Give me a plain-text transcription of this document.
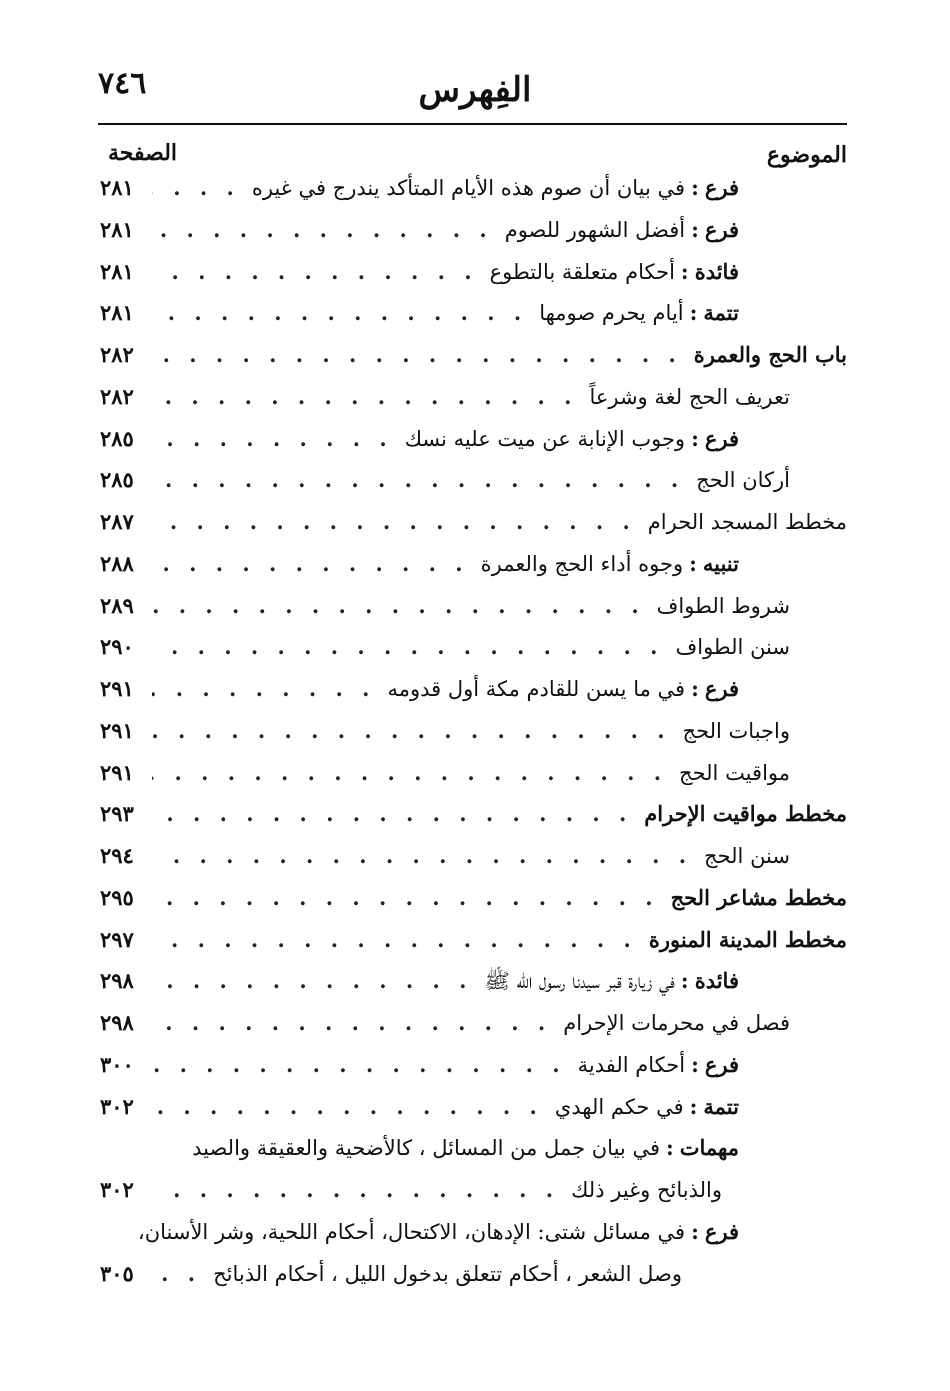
٧٤٦	الفِهرس
الموضوع
الصفحة
فرع
:
في بيان أن صوم هذه الأيام المتأكد يندرج في غيره
. . .
٢٨١
فرع
:
أفضل الشهور للصوم
. . .
٢٨١
فائدة
:
أحكام متعلقة بالتطوع
. . .
٢٨١
تتمة
:
أيام يحرم صومها
. . .
٢٨١
باب الحج والعمرة
. . .
٢٨٢
تعريف الحج لغة وشرعاً
. . .
٢٨٢
فرع
:
وجوب الإنابة عن ميت عليه نسك
. . .
٢٨٥
أركان الحج
. . .
٢٨٥
مخطط المسجد الحرام
. . .
٢٨٧
تنبيه
:
وجوه أداء الحج والعمرة
. . .
٢٨٨
شروط الطواف
. . .
٢٨٩
سنن الطواف
. . .
٢٩٠
فرع
:
في ما يسن للقادم مكة أول قدومه
. . .
٢٩١
واجبات الحج
. . .
٢٩١
مواقيت الحج
. . .
٢٩١
مخطط مواقيت الإحرام
. . .
٢٩٣
سنن الحج
. . .
٢٩٤
مخطط مشاعر الحج
. . .
٢٩٥
مخطط المدينة المنورة
. . .
٢٩٧
فائدة
:
في زيارة قبر سيدنا رسول الله ﷺ
. . .
٢٩٨
فصل في محرمات الإحرام
. . .
٢٩٨
فرع
:
أحكام الفدية
. . .
٣٠٠
تتمة
:
في حكم الهدي
. . .
٣٠٢
مهمات
:
في بيان جمل من المسائل ، كالأضحية والعقيقة والصيد
والذبائح وغير ذلك
. . .
٣٠٢
فرع
:
في مسائل شتى: الإدهان، الاكتحال، أحكام اللحية، وشر الأسنان،
وصل الشعر ، أحكام تتعلق بدخول الليل ، أحكام الذبائح
. . .
٣٠٥
